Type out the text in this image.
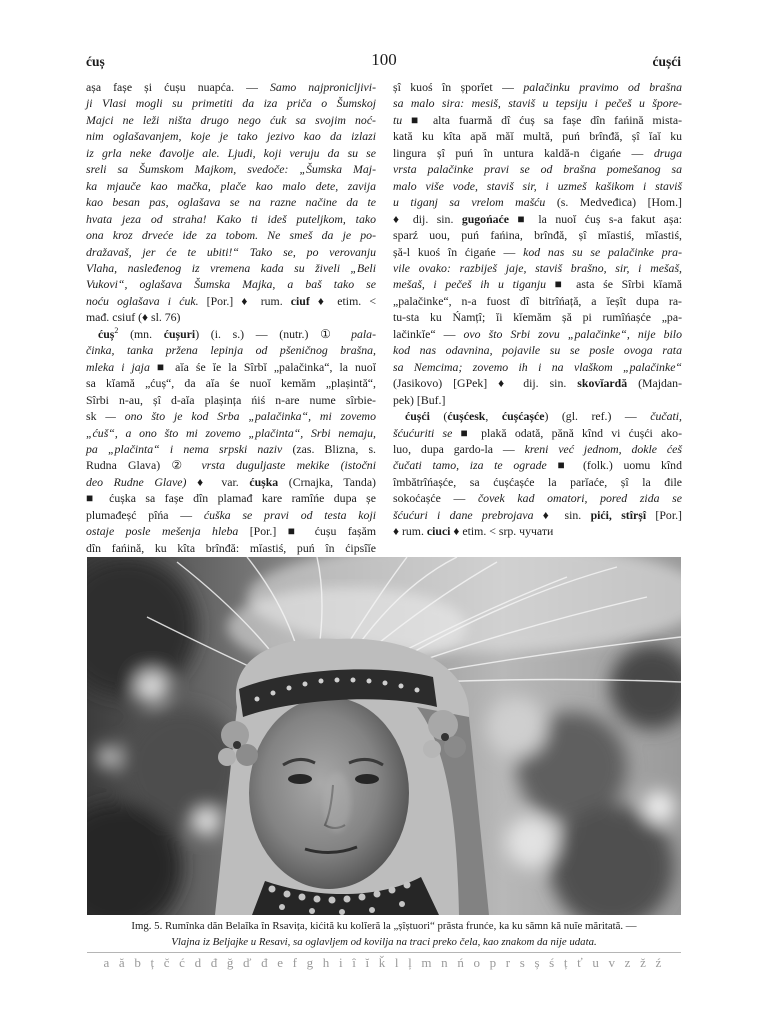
ćuș	100	ćușći
așa fașe și ćușu nuapća. — Samo najpronicljivi-
ji Vlasi mogli su primetiti da iza priča o Šumskoj
Majci ne leži ništa drugo nego ćuk sa svojim noć-
nim oglašavanjem, koje je tako jezivo kao da izlazi
iz grla neke đavolje ale. Ljudi, koji veruju da su se
sreli sa Šumskom Majkom, svedoče: „Šumska Maj-
ka mjauče kao mačka, plače kao malo dete, zavija
kao besan pas, oglašava se na razne načine da te
hvata jeza od straha! Kako ti ideš puteljkom, tako
ona kroz drveće ide za tobom. Ne smeš da je po-
dražavaš, jer će te ubiti!“ Tako se, po verovanju
Vlaha, nasleđenog iz vremena kada su živeli „Beli
Vukovi“, oglašava Šumska Majka, a baš tako se
noću oglašava i ćuk. [Por.] ♦ rum. ciuf ♦ etim. <
mađ. csiuf (♦ sl. 76)
ćuș$^2$ (mn. ćușuri) (i. s.) — (nutr.) ① pala-
činka, tanka pržena lepinja od pšeničnog brašna,
mleka i jaja ■ aĭa śe ĭe la Sîrbĭ „palačinka“, la nuoĭ
sa kĭamă „ćuș“, da aĭa śe nuoĭ kemăm „plașintă“,
Sîrbi n-au, șî d-aĭa plașința ńiś n-are nume sîrbie-
sk — ono što je kod Srba „palačinka“, mi zovemo
„ćuš“, a ono što mi zovemo „plačinta“, Srbi nemaju,
pa „plačinta“ i nema srpski naziv (zas. Blizna, s.
Rudna Glava) ② vrsta duguljaste mekike (istočni
deo Rudne Glave) ♦ var. ćușka (Crnajka, Tanda)
■ ćușka sa fașe dîn plamađ kare ramîńe dupa șe
plumađeșć pîńa — ćuška se pravi od testa koji
ostaje posle mešenja hleba [Por.] ■ ćușu fașăm
dîn fańină, ku kîta brînđă: mĭastiś, puń în ćipsîĭe
șî kuoś în șporĭet — palačinku pravimo od brašna
sa malo sira: mesiš, staviš u tepsiju i pečeš u špore-
tu ■ alta fuarmă dî ćuș sa fașe dîn fańină mista-
kată ku kîta apă măĭ multă, puń brînđă, șî ĭaĭ ku
lingura șî puń în untura kaldă-n ćigańe — druga
vrsta palačinke pravi se od brašna pomešanog sa
malo više vode, staviš sir, i uzmeš kašikom i staviš
u tiganj sa vrelom mašću (s. Medveđica) [Hom.]
♦ dij. sin. gugońaće ■ la nuoĭ ćuș s-a fakut așa:
sparź uou, puń fańina, brînđă, șî mĭastiś, mĭastiś,
șă-l kuoś în ćigańe — kod nas su se palačinke pra-
vile ovako: razbiješ jaje, staviš brašno, sir, i mešaš,
mešaš, i pečeš ih u tiganju ■ asta śe Sîrbi kĭamă
„palačinke“, n-a fuost dî bitrîńață, a ĭeșît dupa ra-
tu-sta ku Ńamțî; ĭi kĭemăm șă pi rumîńașće „pa-
lačinkĭe“ — ovo što Srbi zovu „palačinke“, nije bilo
kod nas odavnina, pojavile su se posle ovoga rata
sa Nemcima; zovemo ih i na vlaškom „palačinke“
(Jasikovo) [GPek] ♦ dij. sin. skovĭardă (Majdan-
pek) [Buf.]
ćușći (ćușćesk, ćușćașće) (gl. ref.) — čučati,
šćućuriti se ■ plakă odată, pănă kînd vi ćușći ako-
luo, dupa gardo-la — kreni već jednom, dokle ćeš
čučati tamo, iza te ograde ■ (folk.) uomu kînd
îmbătrîńașće, sa ćușćașće la parĭaće, șî la đile
sokoćașće — čovek kad omatori, pored zida se
šćućuri i dane prebrojava ♦ sin. pići, stîrșî [Por.]
♦ rum. ciuci ♦ etim. < srp. чучати
Img. 5. Rumînka dăn Belaĭka în Rsavița, kićită ku kolĭeră la „șîștuori“ prăsta frunće, ka ku sămn kă nuĭe măritată. —
Vlajna iz Beljajke u Resavi, sa oglavljem od kovilja na traci preko čela, kao znakom da nije udata.
a ă b ț č ć d đ ğ ď đ e f g h i î ĭ ǩ l ļ m n ń o p r s ș ś ț ť u v z ž ź
